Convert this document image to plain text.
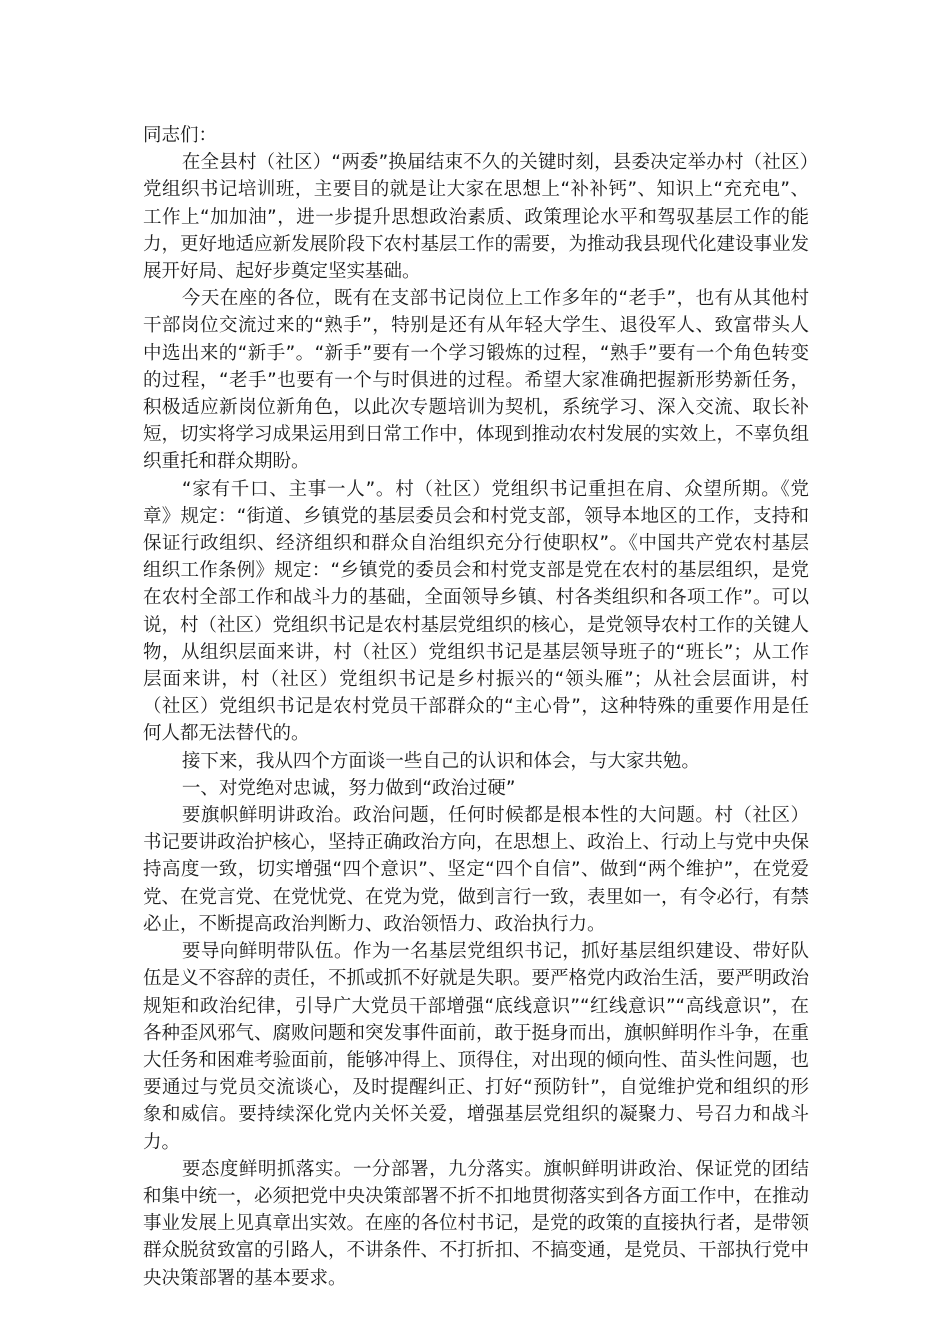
同志们：

在全县村（社区）“两委”换届结束不久的关键时刻，县委决定举办村（社区）党组织书记培训班，主要目的就是让大家在思想上“补补钙”、知识上“充充电”、工作上“加加油”，进一步提升思想政治素质、政策理论水平和驾驭基层工作的能力，更好地适应新发展阶段下农村基层工作的需要，为推动我县现代化建设事业发展开好局、起好步奠定坚实基础。

今天在座的各位，既有在支部书记岗位上工作多年的“老手”，也有从其他村干部岗位交流过来的“熟手”，特别是还有从年轻大学生、退役军人、致富带头人中选出来的“新手”。“新手”要有一个学习锻炼的过程，“熟手”要有一个角色转变的过程，“老手”也要有一个与时俱进的过程。希望大家准确把握新形势新任务，积极适应新岗位新角色，以此次专题培训为契机，系统学习、深入交流、取长补短，切实将学习成果运用到日常工作中，体现到推动农村发展的实效上，不辜负组织重托和群众期盼。

“家有千口、主事一人”。村（社区）党组织书记重担在肩、众望所期。《党章》规定：“街道、乡镇党的基层委员会和村党支部，领导本地区的工作，支持和保证行政组织、经济组织和群众自治组织充分行使职权”。《中国共产党农村基层组织工作条例》规定：“乡镇党的委员会和村党支部是党在农村的基层组织，是党在农村全部工作和战斗力的基础，全面领导乡镇、村各类组织和各项工作”。可以说，村（社区）党组织书记是农村基层党组织的核心，是党领导农村工作的关键人物，从组织层面来讲，村（社区）党组织书记是基层领导班子的“班长”；从工作层面来讲，村（社区）党组织书记是乡村振兴的“领头雁”；从社会层面讲，村（社区）党组织书记是农村党员干部群众的“主心骨”，这种特殊的重要作用是任何人都无法替代的。

接下来，我从四个方面谈一些自己的认识和体会，与大家共勉。

一、对党绝对忠诚，努力做到“政治过硬”

要旗帜鲜明讲政治。政治问题，任何时候都是根本性的大问题。村（社区）书记要讲政治护核心，坚持正确政治方向，在思想上、政治上、行动上与党中央保持高度一致，切实增强“四个意识”、坚定“四个自信”、做到“两个维护”，在党爱党、在党言党、在党忧党、在党为党，做到言行一致，表里如一，有令必行，有禁必止，不断提高政治判断力、政治领悟力、政治执行力。

要导向鲜明带队伍。作为一名基层党组织书记，抓好基层组织建设、带好队伍是义不容辞的责任，不抓或抓不好就是失职。要严格党内政治生活，要严明政治规矩和政治纪律，引导广大党员干部增强“底线意识”“红线意识”“高线意识”，在各种歪风邪气、腐败问题和突发事件面前，敢于挺身而出，旗帜鲜明作斗争，在重大任务和困难考验面前，能够冲得上、顶得住，对出现的倾向性、苗头性问题，也要通过与党员交流谈心，及时提醒纠正、打好“预防针”，自觉维护党和组织的形象和威信。要持续深化党内关怀关爱，增强基层党组织的凝聚力、号召力和战斗力。

要态度鲜明抓落实。一分部署，九分落实。旗帜鲜明讲政治、保证党的团结和集中统一，必须把党中央决策部署不折不扣地贯彻落实到各方面工作中，在推动事业发展上见真章出实效。在座的各位村书记，是党的政策的直接执行者，是带领群众脱贫致富的引路人，不讲条件、不打折扣、不搞变通，是党员、干部执行党中央决策部署的基本要求。
